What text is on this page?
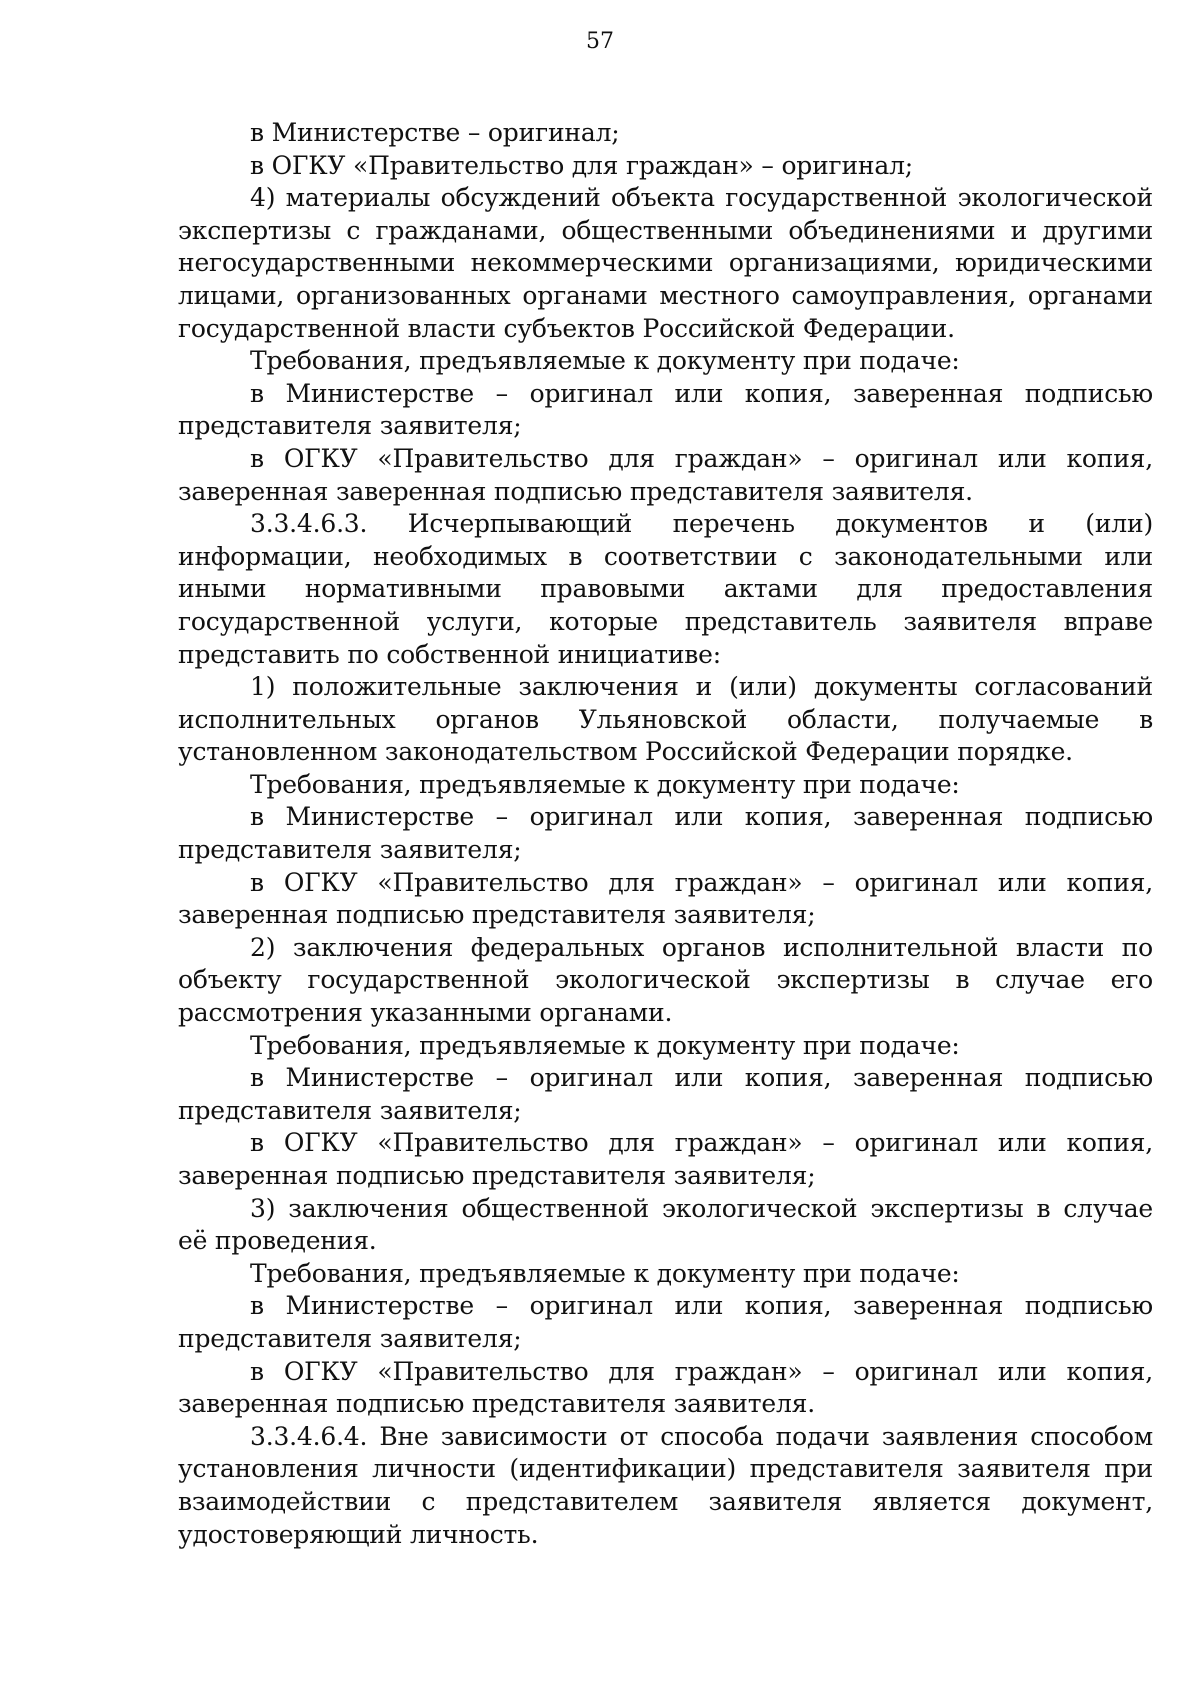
57

в Министерстве – оригинал;

в ОГКУ «Правительство для граждан» – оригинал;

4) материалы обсуждений объекта государственной экологической экспертизы с гражданами, общественными объединениями и другими негосударственными некоммерческими организациями, юридическими лицами, организованных органами местного самоуправления, органами государственной власти субъектов Российской Федерации.

Требования, предъявляемые к документу при подаче:

в Министерстве – оригинал или копия, заверенная подписью представителя заявителя;

в ОГКУ «Правительство для граждан» – оригинал или копия, заверенная заверенная подписью представителя заявителя.

3.3.4.6.3. Исчерпывающий перечень документов и (или) информации, необходимых в соответствии с законодательными или иными нормативными правовыми актами для предоставления государственной услуги, которые представитель заявителя вправе представить по собственной инициативе:

1) положительные заключения и (или) документы согласований исполнительных органов Ульяновской области, получаемые в установленном законодательством Российской Федерации порядке.

Требования, предъявляемые к документу при подаче:

в Министерстве – оригинал или копия, заверенная подписью представителя заявителя;

в ОГКУ «Правительство для граждан» – оригинал или копия, заверенная подписью представителя заявителя;

2) заключения федеральных органов исполнительной власти по объекту государственной экологической экспертизы в случае его рассмотрения указанными органами.

Требования, предъявляемые к документу при подаче:

в Министерстве – оригинал или копия, заверенная подписью представителя заявителя;

в ОГКУ «Правительство для граждан» – оригинал или копия, заверенная подписью представителя заявителя;

3) заключения общественной экологической экспертизы в случае её проведения.

Требования, предъявляемые к документу при подаче:

в Министерстве – оригинал или копия, заверенная подписью представителя заявителя;

в ОГКУ «Правительство для граждан» – оригинал или копия, заверенная подписью представителя заявителя.

3.3.4.6.4. Вне зависимости от способа подачи заявления способом установления личности (идентификации) представителя заявителя при взаимодействии с представителем заявителя является документ, удостоверяющий личность.
